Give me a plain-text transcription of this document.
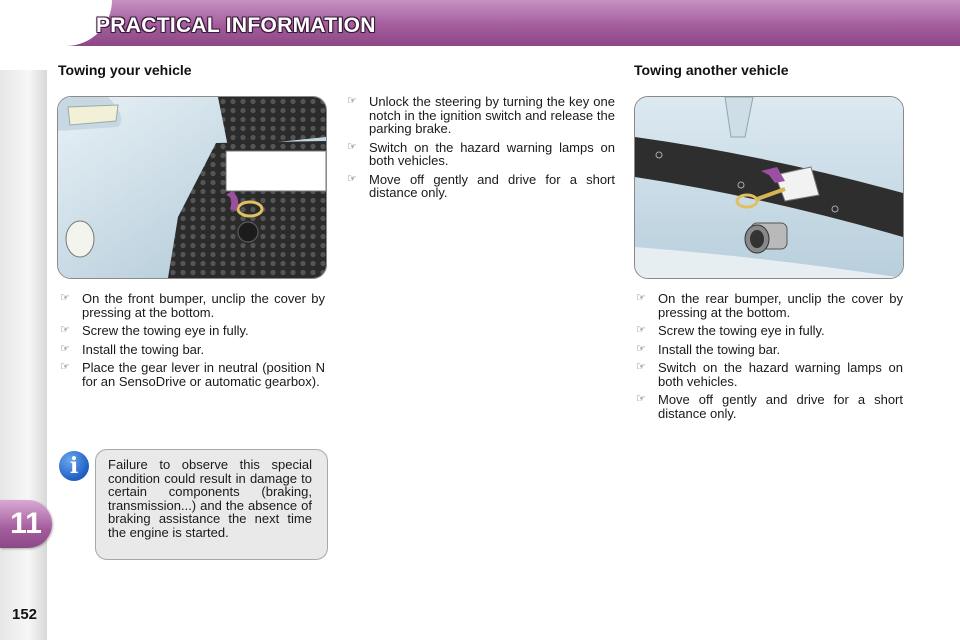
PRACTICAL INFORMATION
11
152
Towing your vehicle
☞ On the front bumper, unclip the cover by pressing at the bottom.
☞ Screw the towing eye in fully.
☞ Install the towing bar.
☞ Place the gear lever in neutral (position N for an SensoDrive or automatic gearbox).
i	Failure to observe this special condition could result in damage to certain components (braking, transmission...) and the absence of braking assistance the next time the engine is started.
☞ Unlock the steering by turning the key one notch in the ignition switch and release the parking brake.
☞ Switch on the hazard warning lamps on both vehicles.
☞ Move off gently and drive for a short distance only.
Towing another vehicle
☞ On the rear bumper, unclip the cover by pressing at the bottom.
☞ Screw the towing eye in fully.
☞ Install the towing bar.
☞ Switch on the hazard warning lamps on both vehicles.
☞ Move off gently and drive for a short distance only.
